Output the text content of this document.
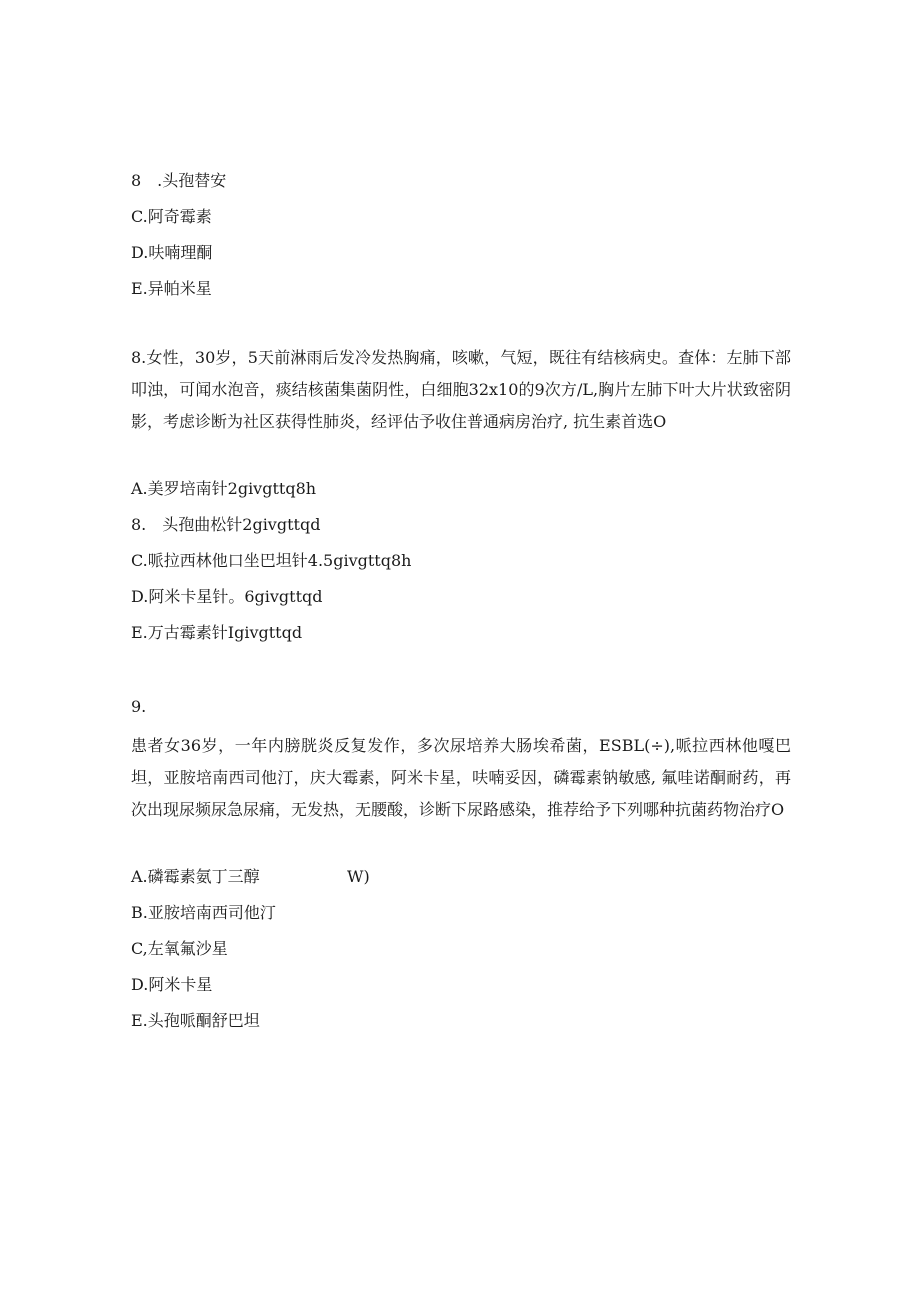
8　.头孢替安
C.阿奇霉素
D.呋喃理酮
E.异帕米星
8.女性，30岁，5天前淋雨后发冷发热胸痛，咳嗽，气短，既往有结核病史。查体：左肺下部叩浊，可闻水泡音，痰结核菌集菌阴性，白细胞32x10的9次方/L,胸片左肺下叶大片状致密阴影，考虑诊断为社区获得性肺炎，经评估予收住普通病房治疗, 抗生素首选O
A.美罗培南针2givgttq8h
8.　头孢曲松针2givgttqd
C.哌拉西林他口坐巴坦针4.5givgttq8h
D.阿米卡星针。6givgttqd
E.万古霉素针Igivgttqd
9.
患者女36岁，一年内膀胱炎反复发作，多次尿培养大肠埃希菌，ESBL(÷),哌拉西林他嘎巴坦，亚胺培南西司他汀，庆大霉素，阿米卡星，呋喃妥因，磷霉素钠敏感, 氟哇诺酮耐药，再次出现尿频尿急尿痛，无发热，无腰酸，诊断下尿路感染，推荐给予下列哪种抗菌药物治疗O
A.磷霉素氨丁三醇	W)
B.亚胺培南西司他汀
C,左氧氟沙星
D.阿米卡星
E.头孢哌酮舒巴坦
